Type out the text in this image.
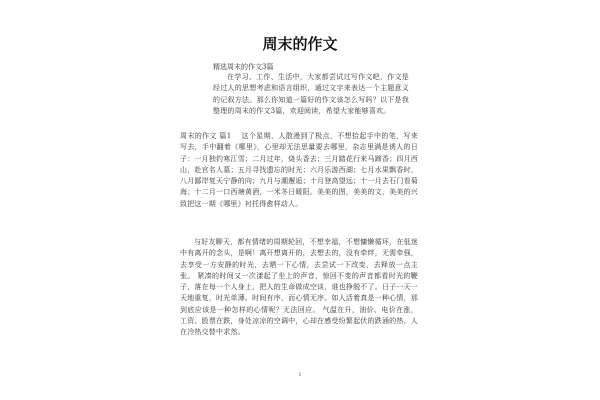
周末的作文
精选周末的作文3篇
在学习、工作、生活中，大家都尝试过写作文吧，作文是经过人的思想考虑和语言组织，通过文字来表达一个主题意义的记叙方法。那么你知道一篇好的作文该怎么写吗？以下是我整理的周末的作文3篇，欢迎阅读，希望大家能够喜欢。
周末的作文 篇1 这个星期，人散漫到了极点，不想拾起手中的笔，写来写去，手中翻着《哪里》，心里却无法思量要去哪里，杂志里满是诱人的日子：一月独钓寒江雪；二月过年，烧头香去；三月踏花行来马蹄香；四月西山，赴官名人墓；五月寻找遗忘的时光；六月乐游西湖；七月水果飘香时，八月鄙岸复天宁静的向；九月与潮邂逅；十月登高望远；十一月去石门看菊海；十二月一口西塘黄酒，一米冬日暖阳。美美的图，美美的文，美美的兴致把这一期《哪里》衬托得愈样动人。
与好友聊天，都有情绪的周期轮回，不想幸福，不想慵懒循环，在低迷中有离开的念头，是啊！离开想离开的，去想去的，没有牵绊，无需牵强，去享受一方安静的时光，去晒一下心情，去尝试一下改变，去释放一点主张。 紧凑的时间又一次漾起了坐上的声音，惊回不变的声音都看时光的鞭子，落在每一个人身上，把人的生命做成空谈，谁也挣脱不了。日子一天一天地重复，时光单薄。时间有序，而心情无序。如人活着真是一种心情，那到底应该是一种怎样的心情呢？无法回应。 气温在升，油价、电价在涨，工资、股票在跌，身处凉凉的空调中，心却在感受纷繁起伏的跌涌的热，人在冷热交替中求然。
1
